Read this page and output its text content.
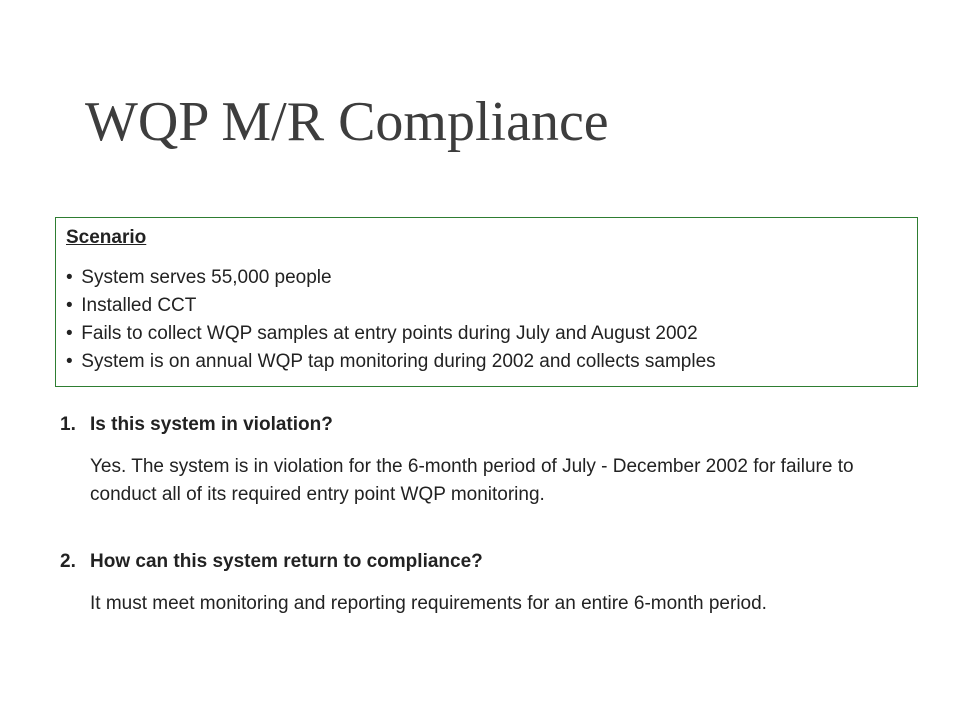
WQP M/R Compliance
Scenario
• System serves 55,000 people
• Installed CCT
• Fails to collect WQP samples at entry points during July and August 2002
• System is on annual WQP tap monitoring during 2002 and collects samples

1. Is this system in violation?

Yes. The system is in violation for the 6-month period of July - December 2002 for failure to conduct all of its required entry point WQP monitoring.

2. How can this system return to compliance?

It must meet monitoring and reporting requirements for an entire 6-month period.
